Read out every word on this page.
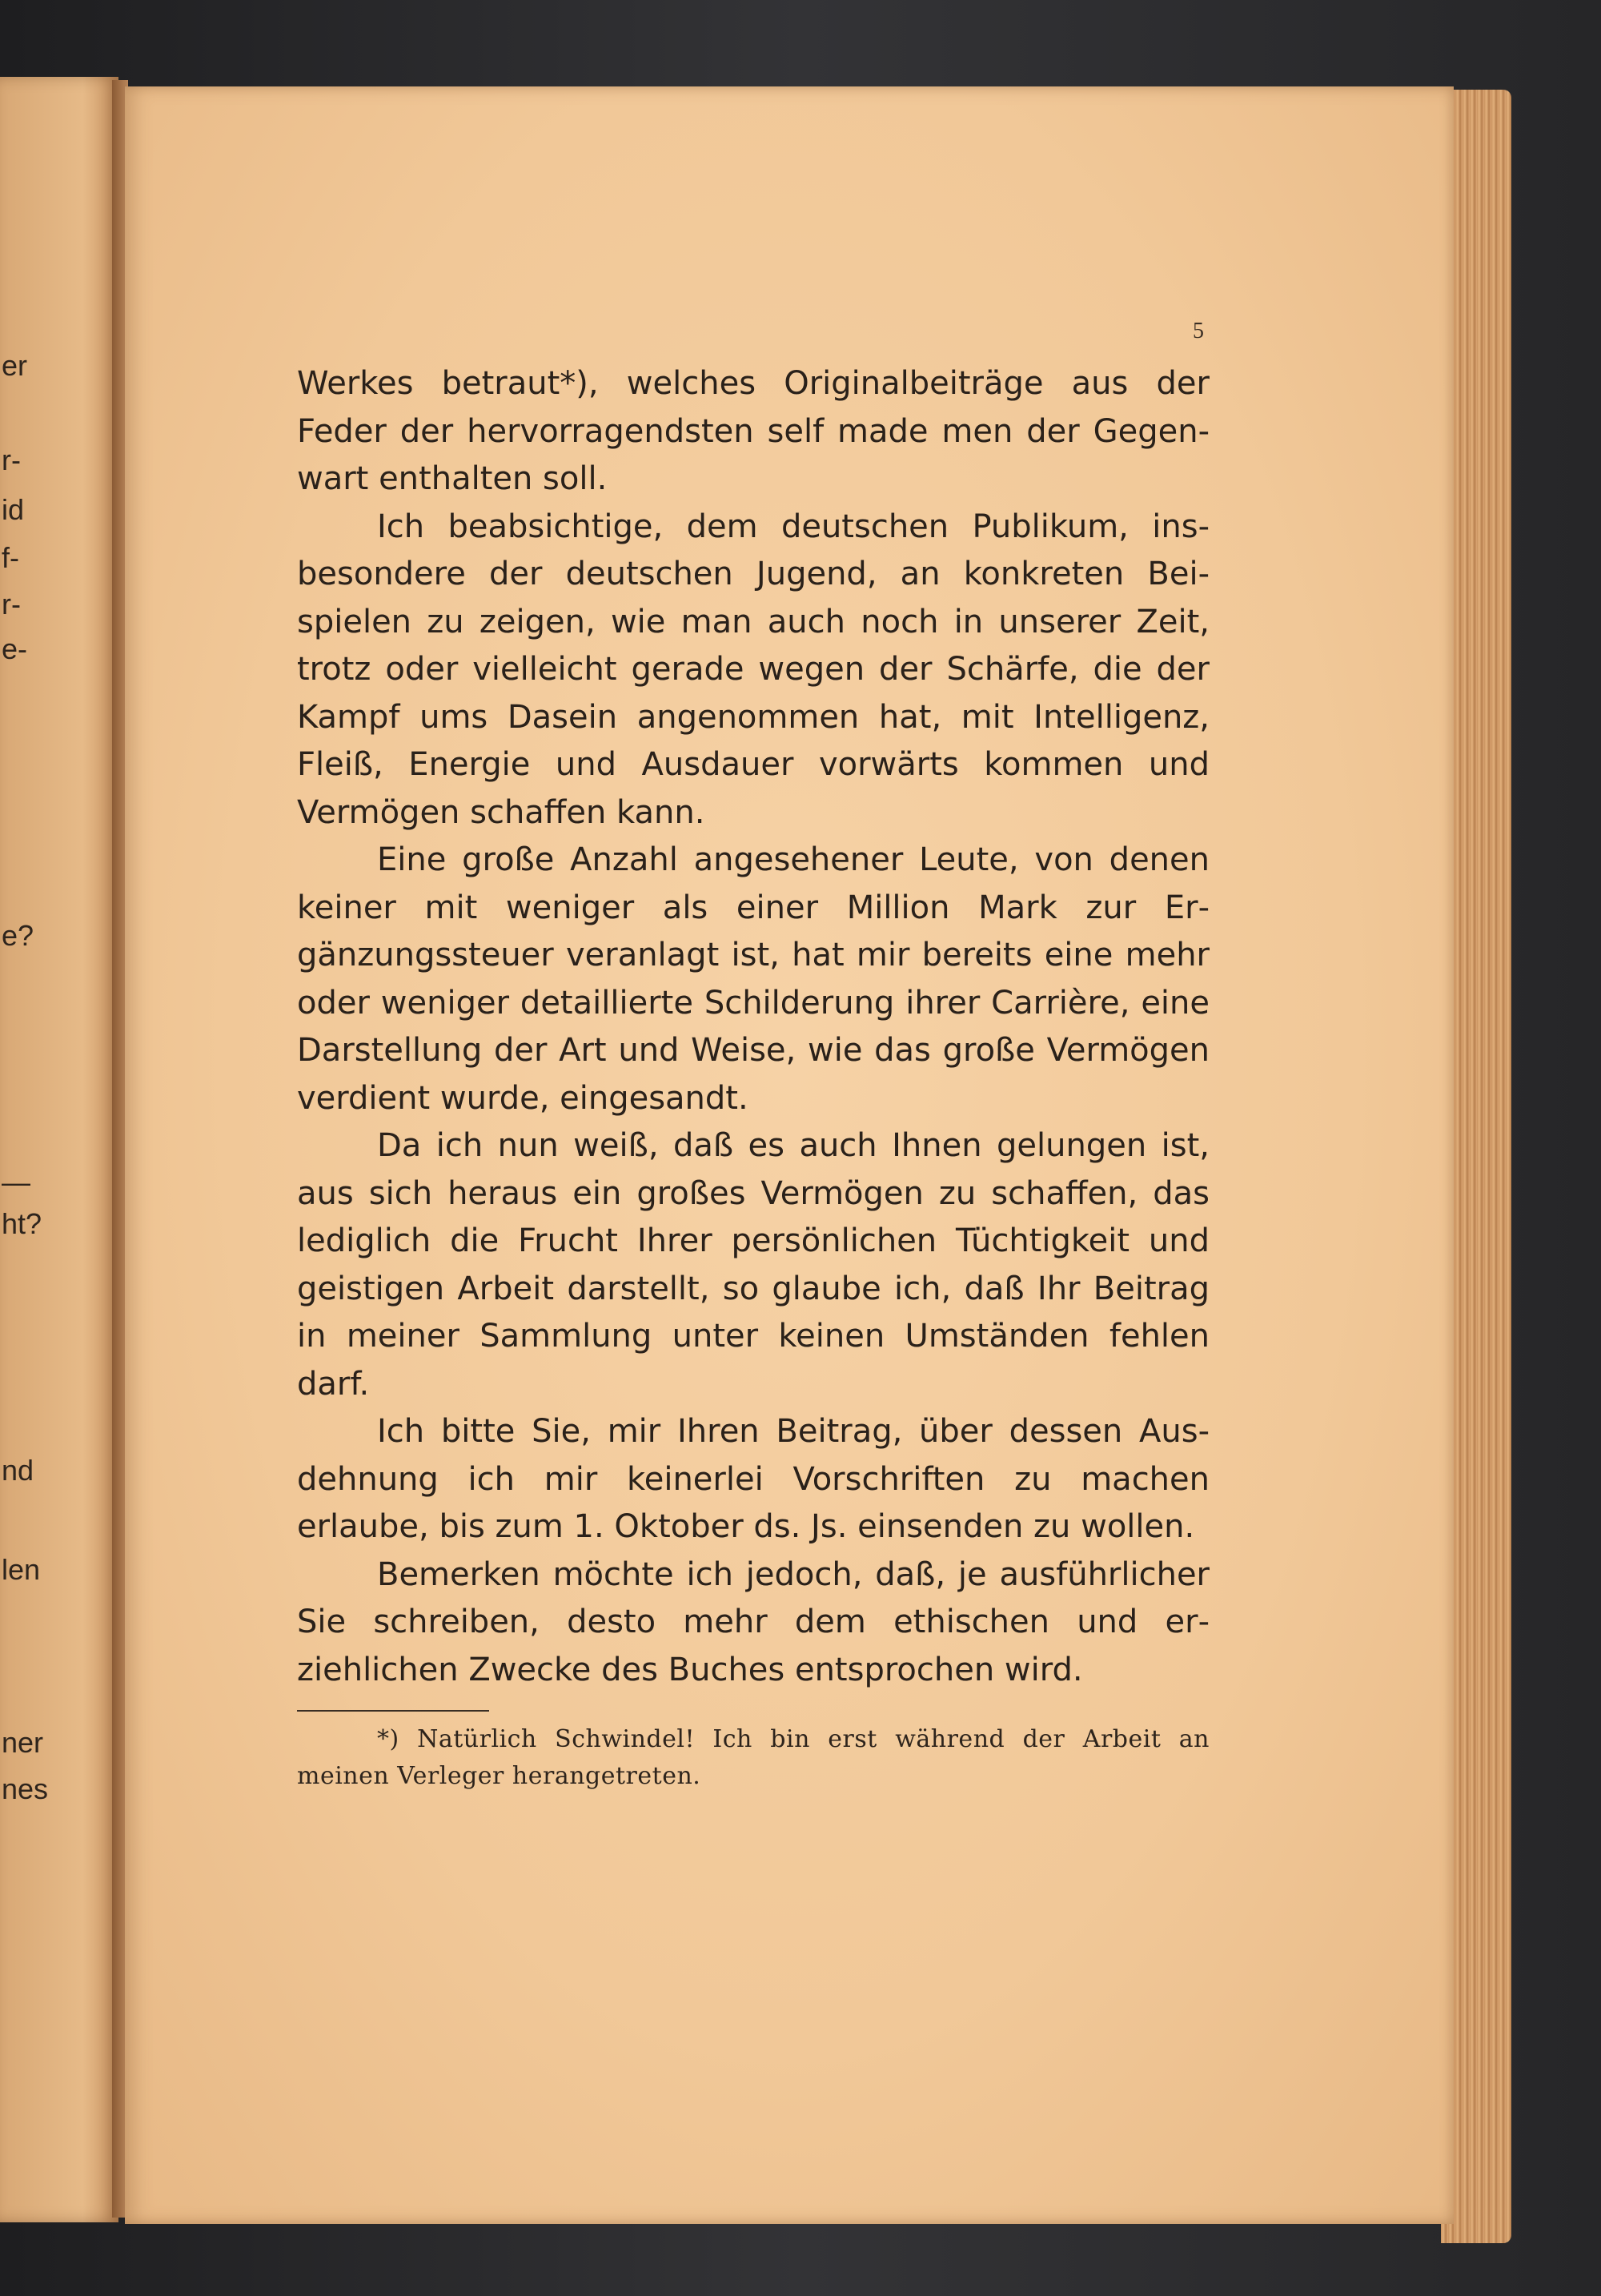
er
r-
id
f-
r-
e-
e?
—
ht?
nd
len
ner
nes
5

Werkes betraut*), welches Originalbeiträge aus der Feder der hervorragendsten self made men der Gegenwart enthalten soll.

Ich beabsichtige, dem deutschen Publikum, insbesondere der deutschen Jugend, an konkreten Beispielen zu zeigen, wie man auch noch in unserer Zeit, trotz oder vielleicht gerade wegen der Schärfe, die der Kampf ums Dasein angenommen hat, mit Intelligenz, Fleiß, Energie und Ausdauer vorwärts kommen und Vermögen schaffen kann.

Eine große Anzahl angesehener Leute, von denen keiner mit weniger als einer Million Mark zur Ergänzungssteuer veranlagt ist, hat mir bereits eine mehr oder weniger detaillierte Schilderung ihrer Carrière, eine Darstellung der Art und Weise, wie das große Vermögen verdient wurde, eingesandt.

Da ich nun weiß, daß es auch Ihnen gelungen ist, aus sich heraus ein großes Vermögen zu schaffen, das lediglich die Frucht Ihrer persönlichen Tüchtigkeit und geistigen Arbeit darstellt, so glaube ich, daß Ihr Beitrag in meiner Sammlung unter keinen Umständen fehlen darf.

Ich bitte Sie, mir Ihren Beitrag, über dessen Ausdehnung ich mir keinerlei Vorschriften zu machen erlaube, bis zum 1. Oktober ds. Js. einsenden zu wollen.

Bemerken möchte ich jedoch, daß, je ausführlicher Sie schreiben, desto mehr dem ethischen und erziehlichen Zwecke des Buches entsprochen wird.

*) Natürlich Schwindel! Ich bin erst während der Arbeit an meinen Verleger herangetreten.
